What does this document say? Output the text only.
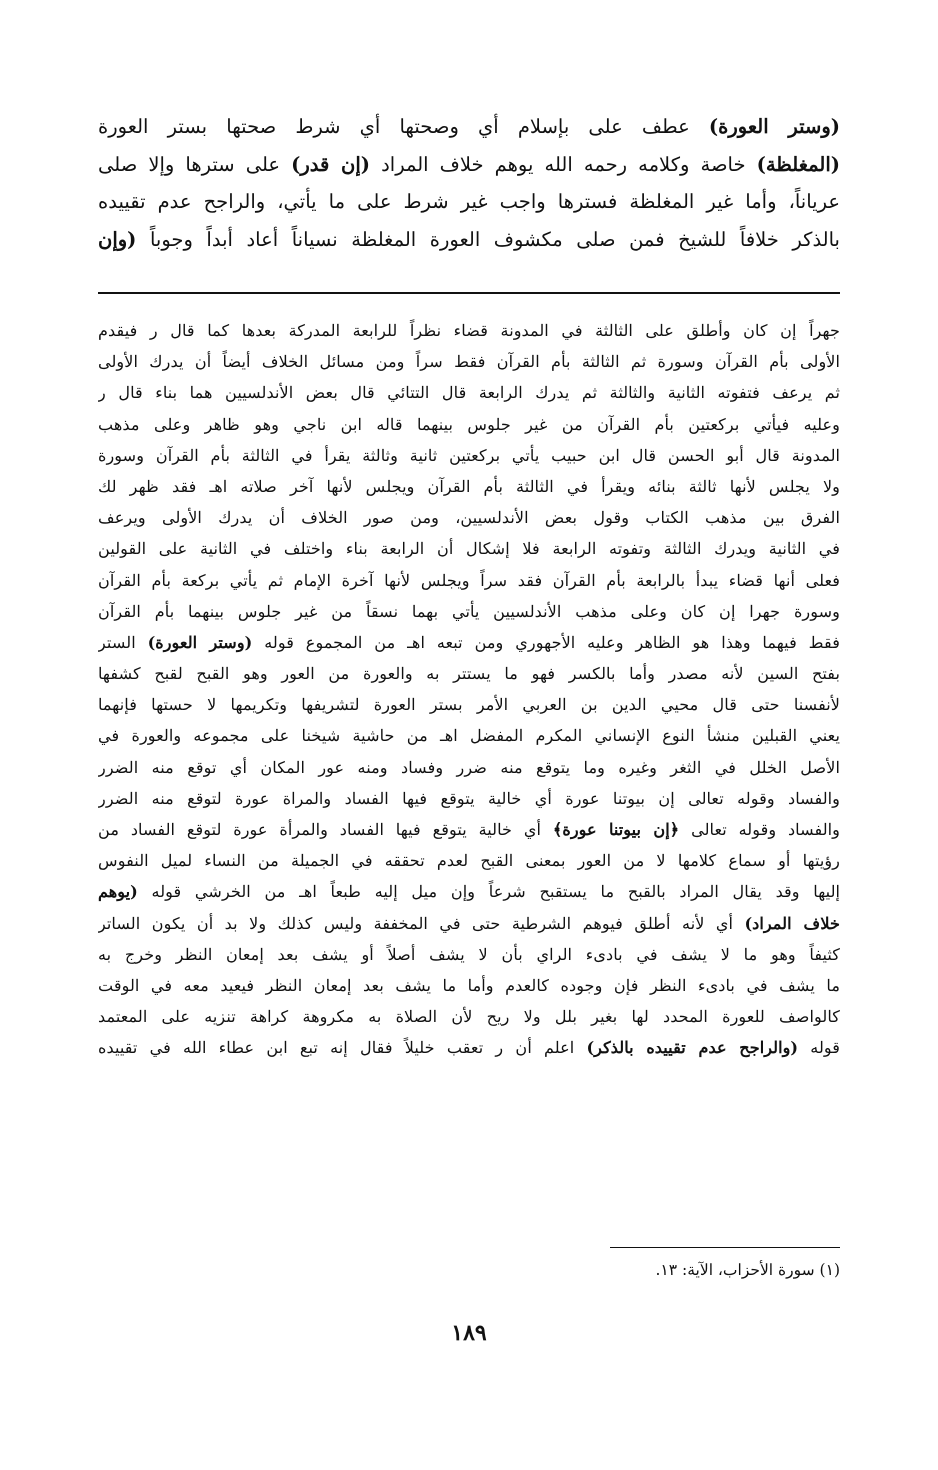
(وستر العورة) عطف على بإسلام أي وصحتها أي شرط صحتها بستر العورة
(المغلظة) خاصة وكلامه رحمه الله يوهم خلاف المراد (إن قدر) على سترها وإلا صلى
عرياناً، وأما غير المغلظة فسترها واجب غير شرط على ما يأتي، والراجح عدم تقييده
بالذكر خلافاً للشيخ فمن صلى مكشوف العورة المغلظة نسياناً أعاد أبداً وجوباً (وإن
جهراً إن كان وأطلق على الثالثة في المدونة قضاء نظراً للرابعة المدركة بعدها كما قال ر فيقدم
الأولى بأم القرآن وسورة ثم الثالثة بأم القرآن فقط سراً ومن مسائل الخلاف أيضاً أن يدرك الأولى
ثم يرعف فتفوته الثانية والثالثة ثم يدرك الرابعة قال التتائي قال بعض الأندلسيين هما بناء قال ر
وعليه فيأتي بركعتين بأم القرآن من غير جلوس بينهما قاله ابن ناجي وهو ظاهر وعلى مذهب
المدونة قال أبو الحسن قال ابن حبيب يأتي بركعتين ثانية وثالثة يقرأ في الثالثة بأم القرآن وسورة
ولا يجلس لأنها ثالثة بنائه ويقرأ في الثالثة بأم القرآن ويجلس لأنها آخر صلاته اهـ فقد ظهر لك
الفرق بين مذهب الكتاب وقول بعض الأندلسيين، ومن صور الخلاف أن يدرك الأولى ويرعف
في الثانية ويدرك الثالثة وتفوته الرابعة فلا إشكال أن الرابعة بناء واختلف في الثانية على القولين
فعلى أنها قضاء يبدأ بالرابعة بأم القرآن فقد سراً ويجلس لأنها آخرة الإمام ثم يأتي بركعة بأم القرآن
وسورة جهرا إن كان وعلى مذهب الأندلسيين يأتي بهما نسقاً من غير جلوس بينهما بأم القرآن
فقط فيهما وهذا هو الظاهر وعليه الأجهوري ومن تبعه اهـ من المجموع قوله (وستر العورة) الستر
بفتح السين لأنه مصدر وأما بالكسر فهو ما يستتر به والعورة من العور وهو القبح لقبح كشفها
لأنفسنا حتى قال محيي الدين بن العربي الأمر بستر العورة لتشريفها وتكريمها لا حستها فإنهما
يعني القبلين منشأ النوع الإنساني المكرم المفضل اهـ من حاشية شيخنا على مجموعه والعورة في
الأصل الخلل في الثغر وغيره وما يتوقع منه ضرر وفساد ومنه عور المكان أي توقع منه الضرر
والفساد وقوله تعالى إن بيوتنا عورة أي خالية يتوقع فيها الفساد والمراة عورة لتوقع منه الضرر
والفساد وقوله تعالى ﴿إن بيوتنا عورة﴾ أي خالية يتوقع فيها الفساد والمرأة عورة لتوقع الفساد من
رؤيتها أو سماع كلامها لا من العور بمعنى القبح لعدم تحققه في الجميلة من النساء لميل النفوس
إليها وقد يقال المراد بالقبح ما يستقبح شرعاً وإن ميل إليه طبعاً اهـ من الخرشي قوله (يوهم
خلاف المراد) أي لأنه أطلق فيوهم الشرطية حتى في المخففة وليس كذلك ولا بد أن يكون الساتر
كثيفاً وهو ما لا يشف في بادىء الراي بأن لا يشف أصلاً أو يشف بعد إمعان النظر وخرج به
ما يشف في بادىء النظر فإن وجوده كالعدم وأما ما يشف بعد إمعان النظر فيعيد معه في الوقت
كالواصف للعورة المحدد لها بغير بلل ولا ريح لأن الصلاة به مكروهة كراهة تنزيه على المعتمد
قوله (والراجح عدم تقييده بالذكر) اعلم أن ر تعقب خليلاً فقال إنه تبع ابن عطاء الله في تقييده
(١) سورة الأحزاب، الآية: ١٣.
١٨٩
